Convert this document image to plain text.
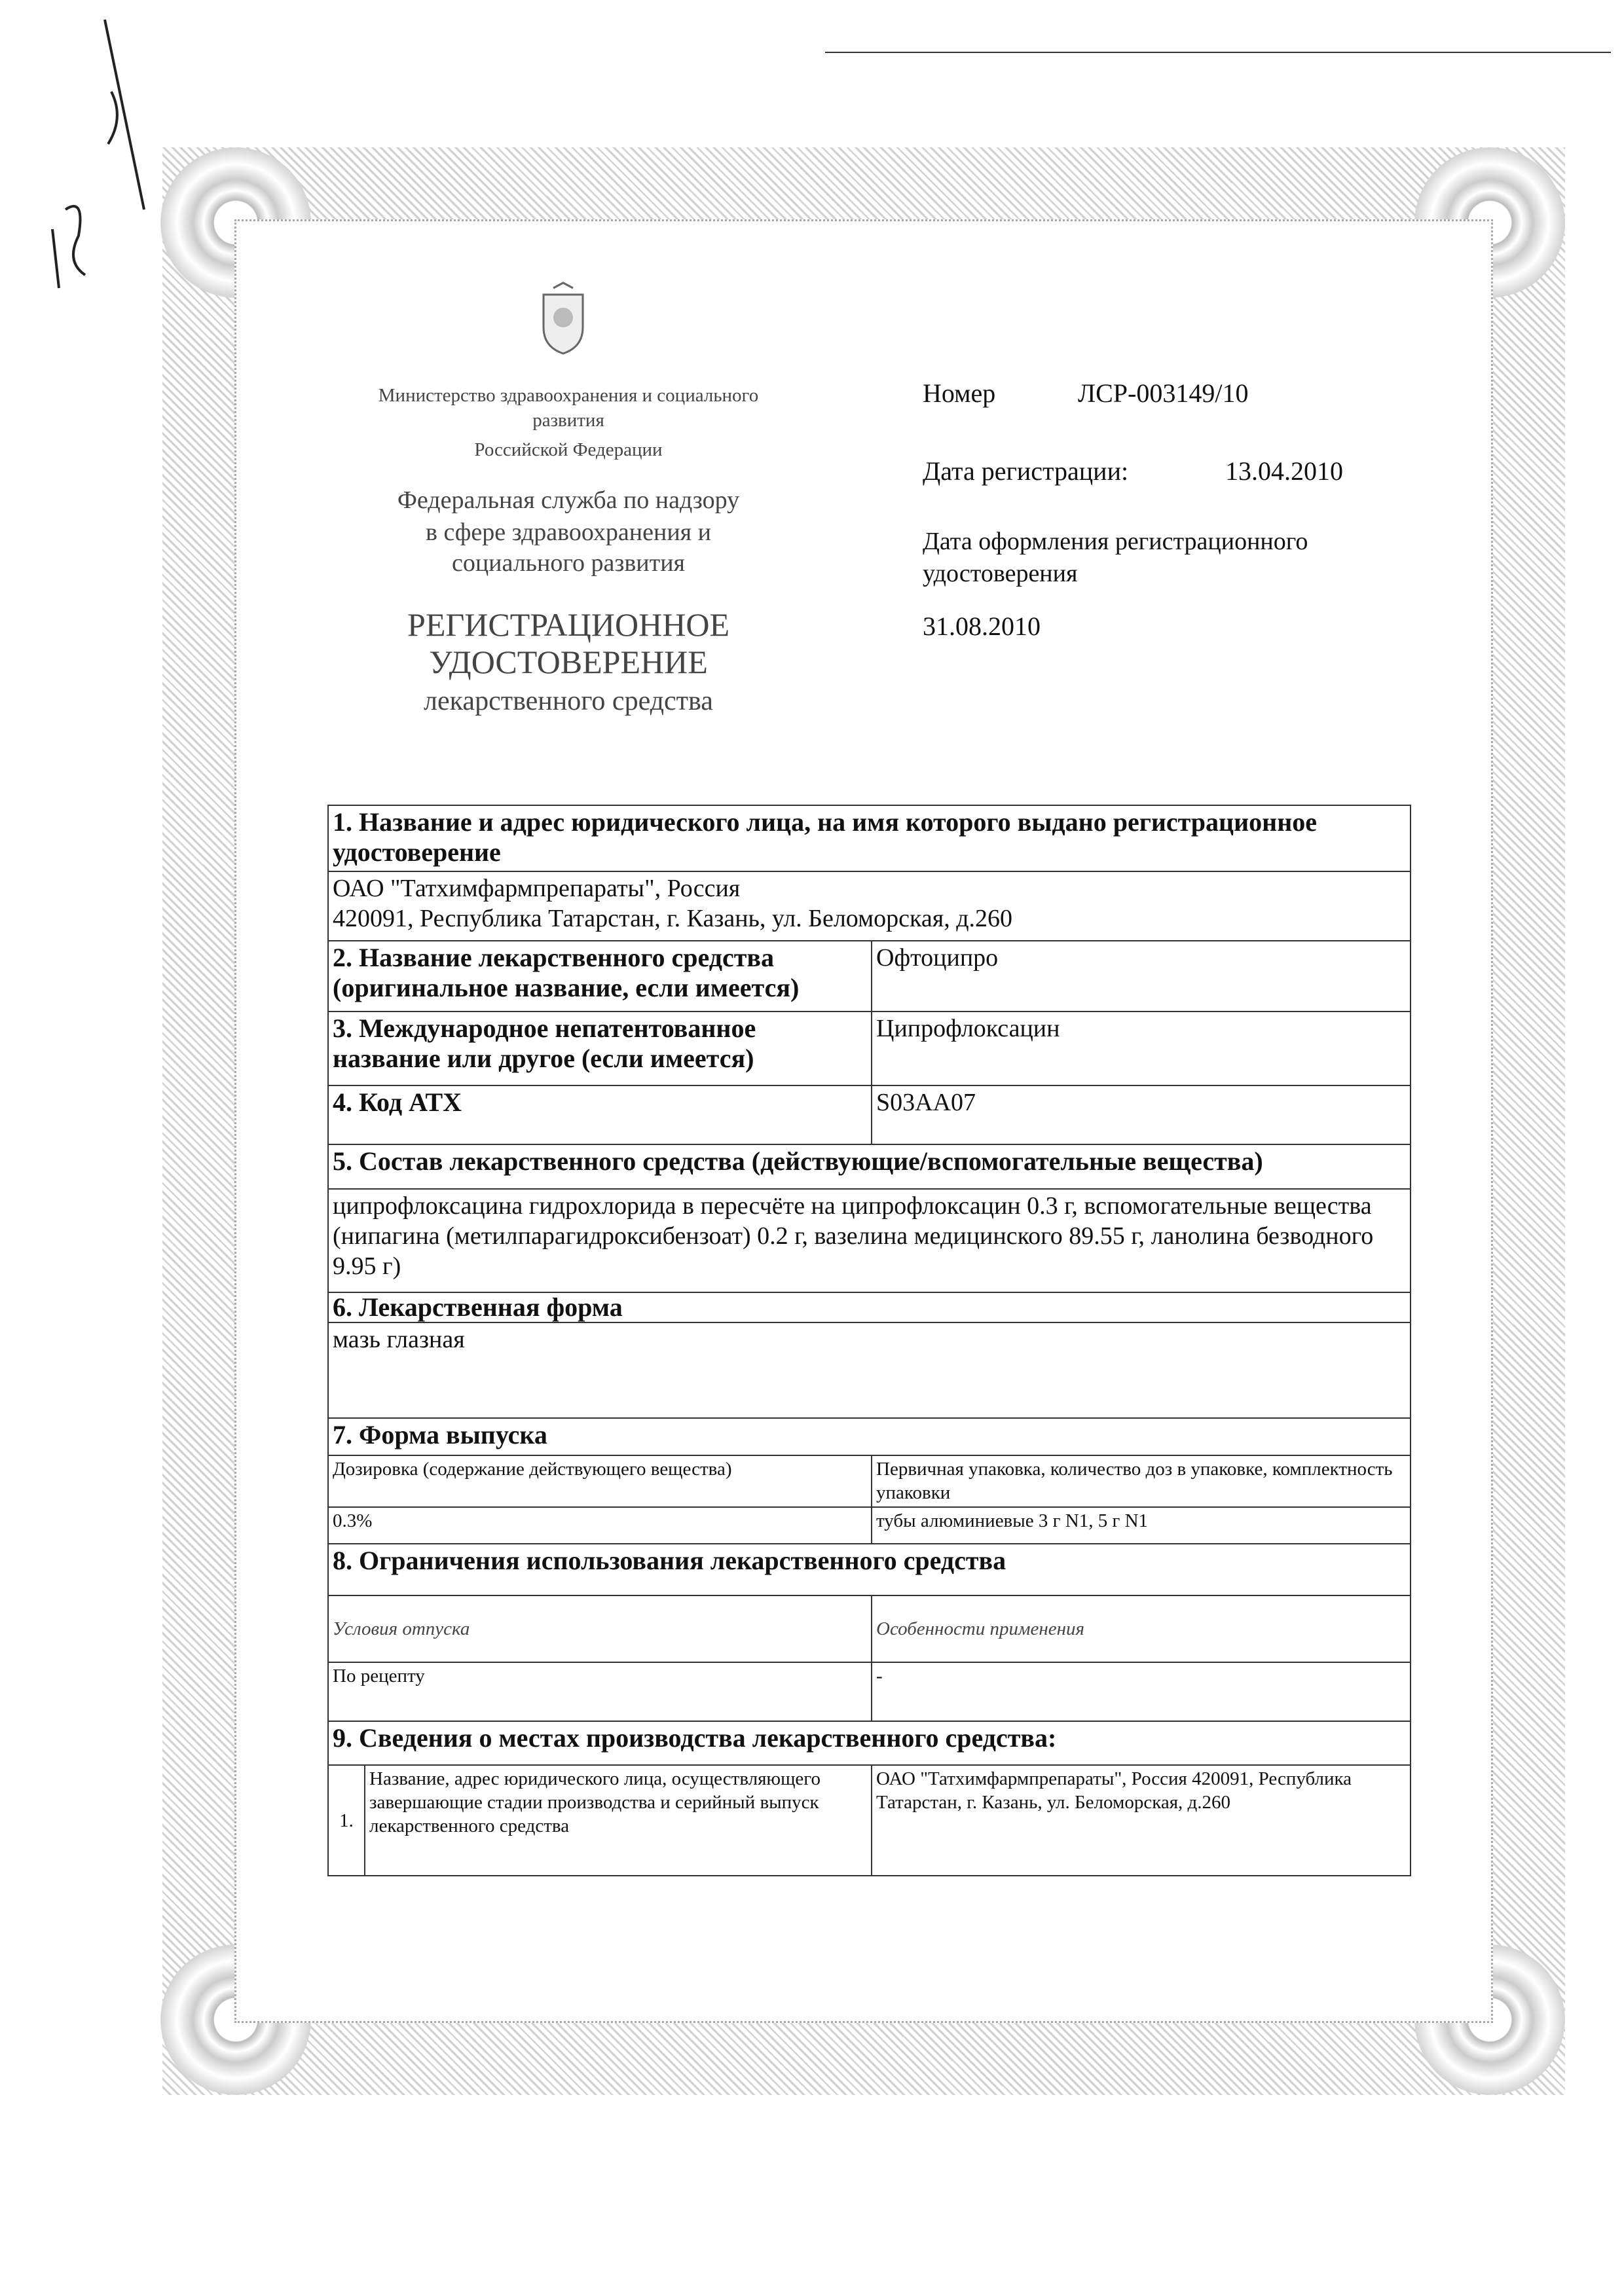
Министерство здравоохранения и социального
развития
Российской Федерации
Федеральная служба по надзору
в сфере здравоохранения и
социального развития
РЕГИСТРАЦИОННОЕ
УДОСТОВЕРЕНИЕ
лекарственного средства
Номер	ЛСР-003149/10
Дата регистрации:	13.04.2010
Дата оформления регистрационного
удостоверения
31.08.2010
1. Название и адрес юридического лица, на имя которого выдано регистрационное удостоверение		

ОАО "Татхимфармпрепараты", Россия
420091, Республика Татарстан, г. Казань, ул. Беломорская, д.260		

2. Название лекарственного средства (оригинальное название, если имеется)		Офтоципро
3. Международное непатентованное название или другое (если имеется)		Ципрофлоксацин
4. Код АТХ		S03AA07
5. Состав лекарственного средства (действующие/вспомогательные вещества)		
ципрофлоксацина гидрохлорида в пересчёте на ципрофлоксацин 0.3 г, вспомогательные вещества (нипагина (метилпарагидроксибензоат) 0.2 г, вазелина медицинского 89.55 г, ланолина безводного 9.95 г)		
6. Лекарственная форма		
мазь глазная		
7. Форма выпуска		
Дозировка (содержание действующего вещества)		Первичная упаковка, количество доз в упаковке, комплектность упаковки
0.3%		тубы алюминиевые 3 г N1, 5 г N1
8. Ограничения использования лекарственного средства		
Условия отпуска		Особенности применения
По рецепту		-
9. Сведения о местах производства лекарственного средства:		
1.	Название, адрес юридического лица, осуществляющего завершающие стадии производства и серийный выпуск лекарственного средства	ОАО "Татхимфармпрепараты", Россия 420091, Республика Татарстан, г. Казань, ул. Беломорская, д.260
